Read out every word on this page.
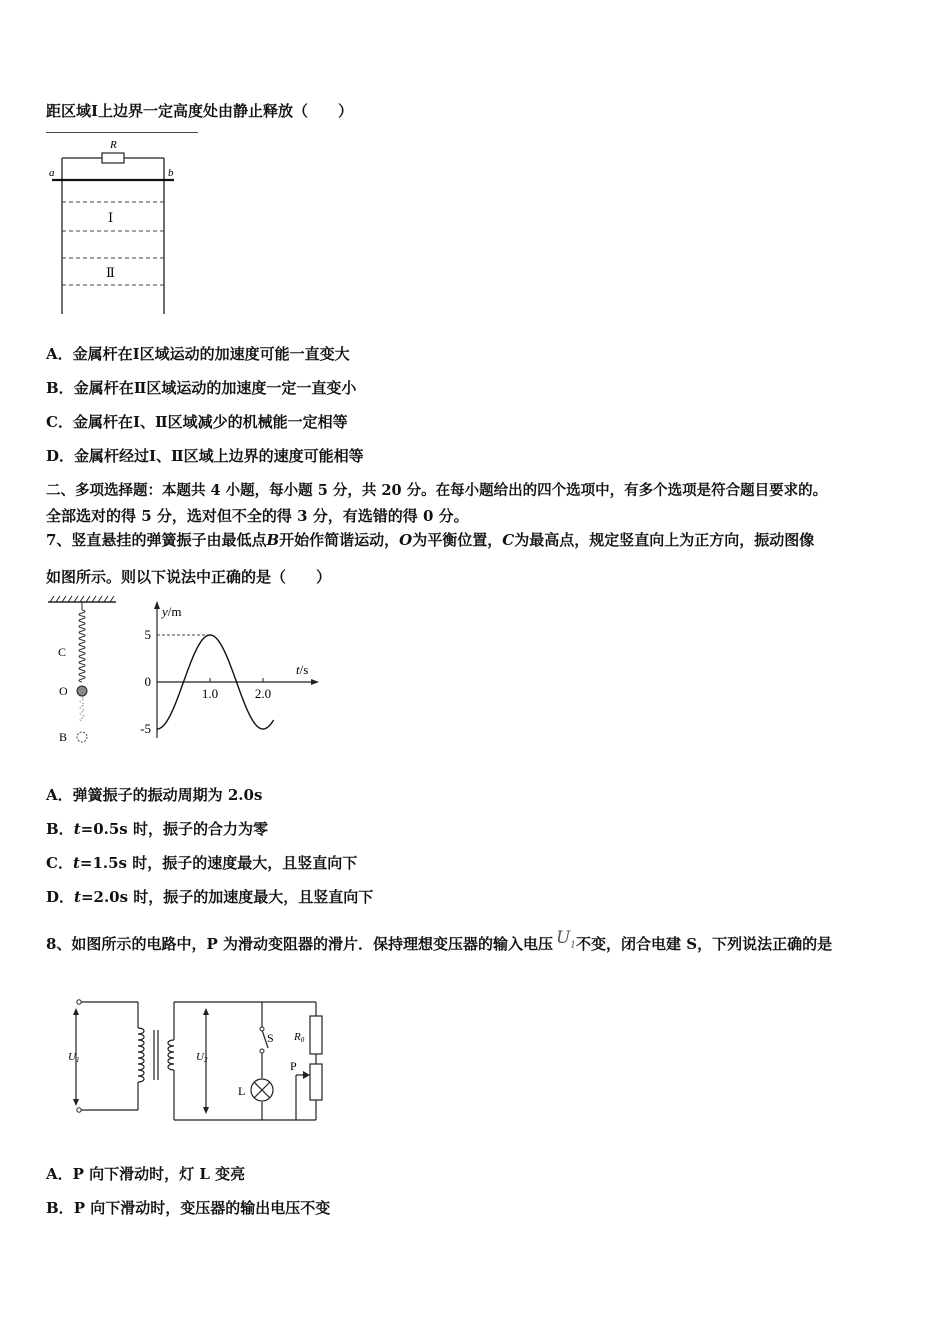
距区域Ⅰ上边界一定高度处由静止释放（　　）
R
a	b
Ⅰ
Ⅱ
A．金属杆在Ⅰ区域运动的加速度可能一直变大
B．金属杆在Ⅱ区域运动的加速度一定一直变小
C．金属杆在Ⅰ、Ⅱ区域减少的机械能一定相等
D．金属杆经过Ⅰ、Ⅱ区域上边界的速度可能相等
二、多项选择题：本题共 4 小题，每小题 5 分，共 20 分。在每小题给出的四个选项中，有多个选项是符合题目要求的。
全部选对的得 5 分，选对但不全的得 3 分，有选错的得 0 分。
7、竖直悬挂的弹簧振子由最低点B开始作简谐运动，O为平衡位置，C为最高点，规定竖直向上为正方向，振动图像
如图所示。则以下说法中正确的是（　　）
C
O
B
y/m
t/s
5
0
-5
1.0	2.0
A．弹簧振子的振动周期为 2.0s
B．t=0.5s 时，振子的合力为零
C．t=1.5s 时，振子的速度最大，且竖直向下
D．t=2.0s 时，振子的加速度最大，且竖直向下
8、如图所示的电路中，P 为滑动变阻器的滑片．保持理想变压器的输入电压 $U_1$不变，闭合电建 S，下列说法正确的是
U1	U2
S R0
L
P
A．P 向下滑动时，灯 L 变亮
B．P 向下滑动时，变压器的输出电压不变
